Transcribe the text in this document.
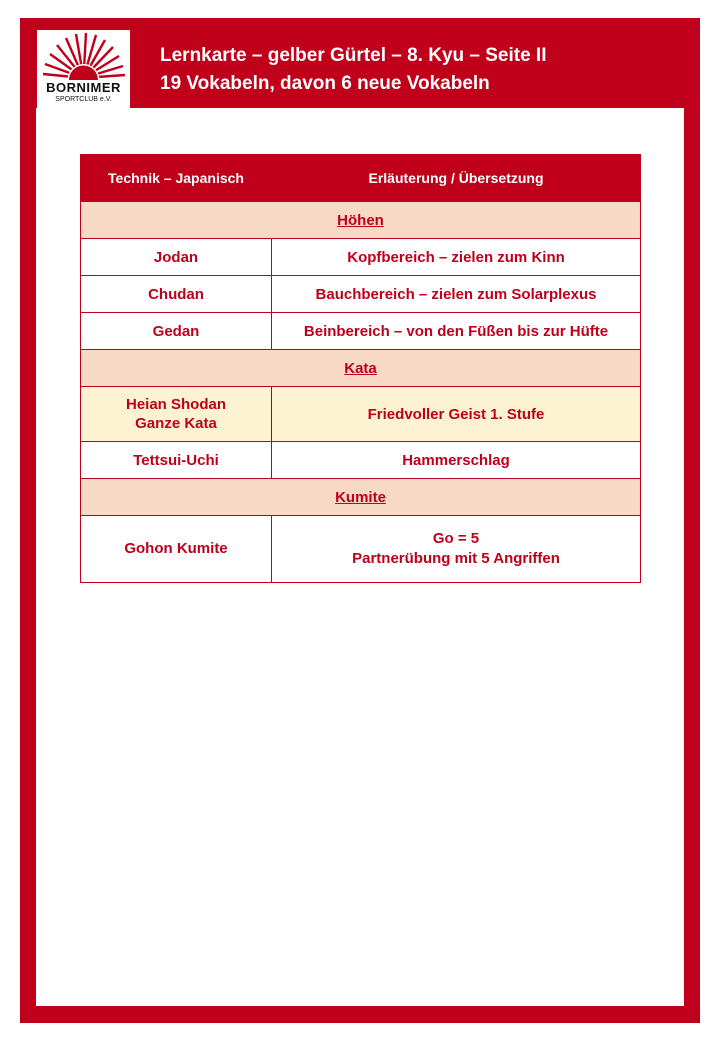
BORNIMER
SPORTCLUB e.V.
Lernkarte – gelber Gürtel – 8. Kyu – Seite II
19 Vokabeln, davon 6 neue Vokabeln
Technik – Japanisch	Erläuterung / Übersetzung
Höhen	
Jodan	Kopfbereich – zielen zum Kinn
Chudan	Bauchbereich – zielen zum Solarplexus
Gedan	Beinbereich – von den Füßen bis zur Hüfte
Kata	

Heian Shodan
Ganze Kata	Friedvoller Geist 1. Stufe
Tettsui-Uchi	Hammerschlag
Kumite	
Gohon Kumite	Go = 5
Partnerübung mit 5 Angriffen
